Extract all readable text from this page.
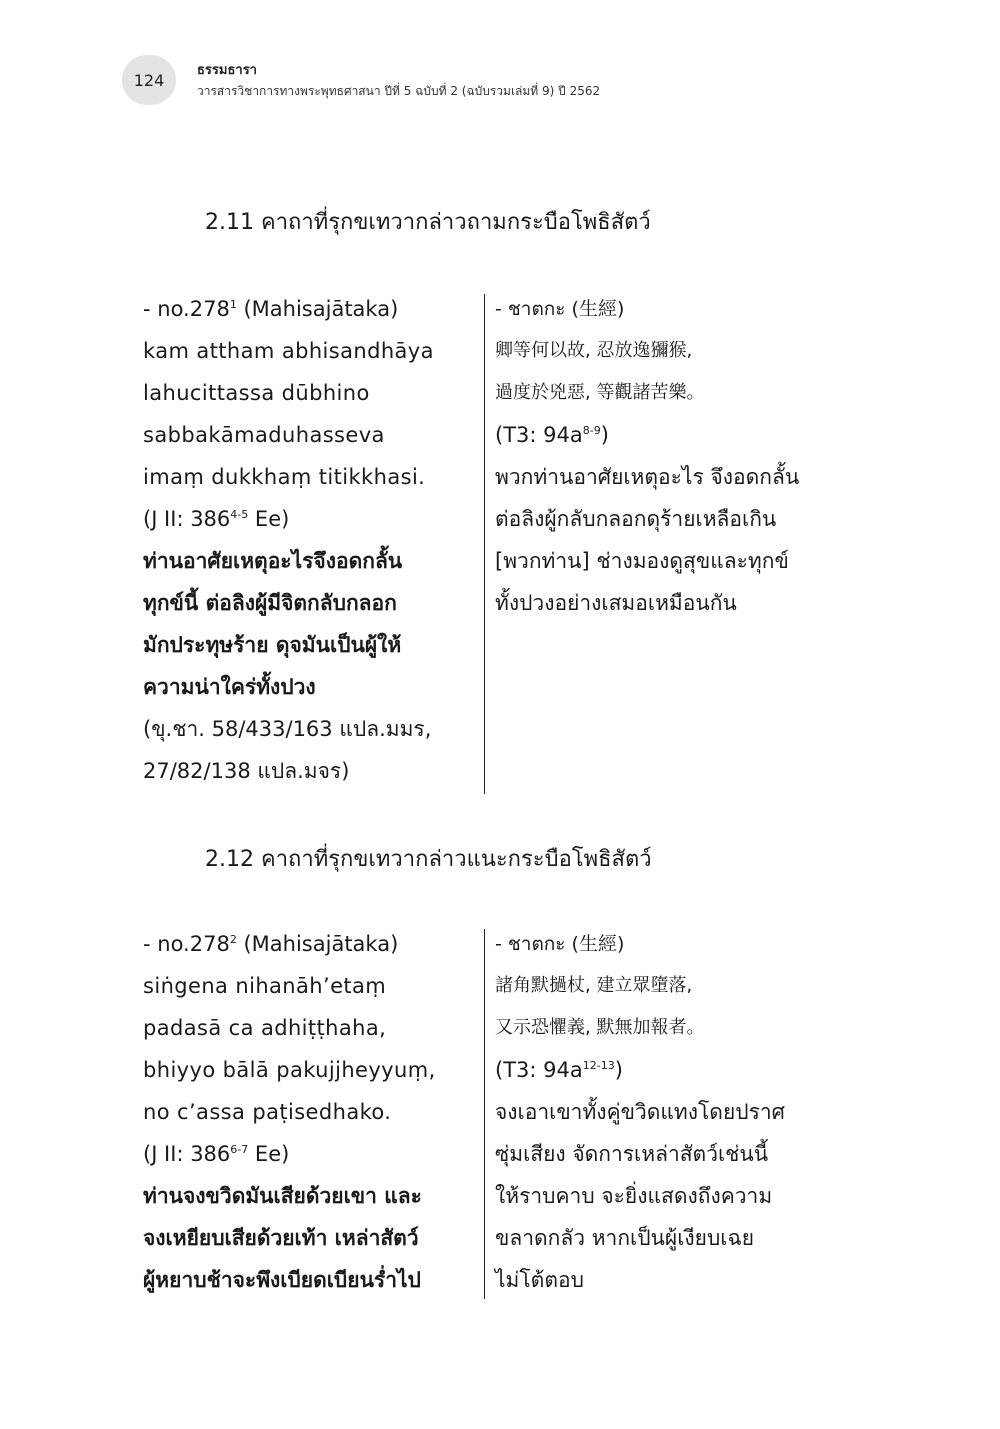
124	ธรรมธารา
วารสารวิชาการทางพระพุทธศาสนา ปีที่ 5 ฉบับที่ 2 (ฉบับรวมเล่มที่ 9) ปี 2562
2.11 คาถาที่รุกขเทวากล่าวถามกระบือโพธิสัตว์
- no.278$^1$ (Mahisajātaka)
kam attham abhisandhāya
lahucittassa dūbhino
sabbakāmaduhasseva
imaṃ dukkhaṃ titikkhasi.
(J II: 386$^{4-5}$ Ee)
ท่านอาศัยเหตุอะไรจึงอดกลั้น
ทุกข์นี้ ต่อลิงผู้มีจิตกลับกลอก
มักประทุษร้าย ดุจมันเป็นผู้ให้
ความน่าใคร่ทั้งปวง
(ขุ.ชา. 58/433/163 แปล.มมร,
27/82/138 แปล.มจร)
- ชาตกะ (生經)
卿等何以故, 忍放逸獼猴,
過度於兇惡, 等觀諸苦樂。
(T3: $94a^{8-9}$)
พวกท่านอาศัยเหตุอะไร จึงอดกลั้น
ต่อลิงผู้กลับกลอกดุร้ายเหลือเกิน
[พวกท่าน] ช่างมองดูสุขและทุกข์
ทั้งปวงอย่างเสมอเหมือนกัน
2.12 คาถาที่รุกขเทวากล่าวแนะกระบือโพธิสัตว์
- no.278$^2$ (Mahisajātaka)
siṅgena nihanāh’etaṃ
padasā ca adhiṭṭhaha,
bhiyyo bālā pakujjheyyuṃ,
no c’assa paṭisedhako.
(J II: 386$^{6-7}$ Ee)
ท่านจงขวิดมันเสียด้วยเขา และ
จงเหยียบเสียด้วยเท้า เหล่าสัตว์
ผู้หยาบช้าจะพึงเบียดเบียนรํ่าไป
- ชาตกะ (生經)
諸角默撾杖, 建立眾墮落,
又示恐懼義, 默無加報者。
(T3: $94a^{12-13}$)
จงเอาเขาทั้งคู่ขวิดแทงโดยปราศ
ซุ่มเสียง จัดการเหล่าสัตว์เช่นนี้
ให้ราบคาบ จะยิ่งแสดงถึงความ
ขลาดกลัว หากเป็นผู้เงียบเฉย
ไม่โต้ตอบ
